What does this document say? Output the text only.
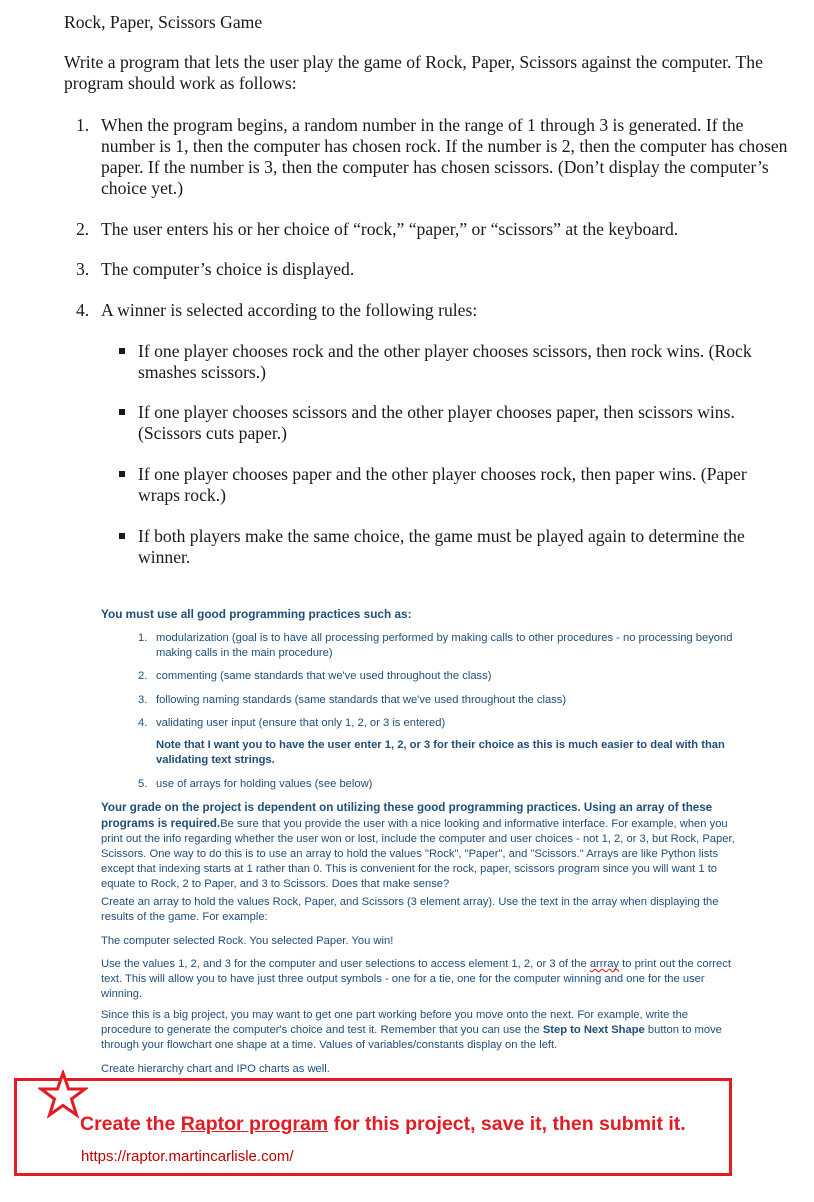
Rock, Paper, Scissors Game
Write a program that lets the user play the game of Rock, Paper, Scissors against the computer. The program should work as follows:
1. When the program begins, a random number in the range of 1 through 3 is generated. If the number is 1, then the computer has chosen rock. If the number is 2, then the computer has chosen paper. If the number is 3, then the computer has chosen scissors. (Don’t display the computer’s choice yet.)
2. The user enters his or her choice of “rock,” “paper,” or “scissors” at the keyboard.
3. The computer’s choice is displayed.
4. A winner is selected according to the following rules:
If one player chooses rock and the other player chooses scissors, then rock wins. (Rock smashes scissors.)
If one player chooses scissors and the other player chooses paper, then scissors wins. (Scissors cuts paper.)
If one player chooses paper and the other player chooses rock, then paper wins. (Paper wraps rock.)
If both players make the same choice, the game must be played again to determine the winner.
You must use all good programming practices such as:
1. modularization (goal is to have all processing performed by making calls to other procedures - no processing beyond making calls in the main procedure)
2. commenting (same standards that we've used throughout the class)
3. following naming standards (same standards that we've used throughout the class)
4. validating user input (ensure that only 1, 2, or 3 is entered)
Note that I want you to have the user enter 1, 2, or 3 for their choice as this is much easier to deal with than validating text strings.
5. use of arrays for holding values (see below)
Your grade on the project is dependent on utilizing these good programming practices. Using an array of these programs is required.Be sure that you provide the user with a nice looking and informative interface. For example, when you print out the info regarding whether the user won or lost, include the computer and user choices - not 1, 2, or 3, but Rock, Paper, Scissors. One way to do this is to use an array to hold the values "Rock", "Paper", and "Scissors." Arrays are like Python lists except that indexing starts at 1 rather than 0. This is convenient for the rock, paper, scissors program since you will want 1 to equate to Rock, 2 to Paper, and 3 to Scissors. Does that make sense?
Create an array to hold the values Rock, Paper, and Scissors (3 element array). Use the text in the array when displaying the results of the game. For example:
The computer selected Rock. You selected Paper. You win!
Use the values 1, 2, and 3 for the computer and user selections to access element 1, 2, or 3 of the arrray to print out the correct text. This will allow you to have just three output symbols - one for a tie, one for the computer winning and one for the user winning.
Since this is a big project, you may want to get one part working before you move onto the next. For example, write the procedure to generate the computer's choice and test it. Remember that you can use the Step to Next Shape button to move through your flowchart one shape at a time. Values of variables/constants display on the left.
Create hierarchy chart and IPO charts as well.
Create the Raptor program for this project, save it, then submit it.
https://raptor.martincarlisle.com/
